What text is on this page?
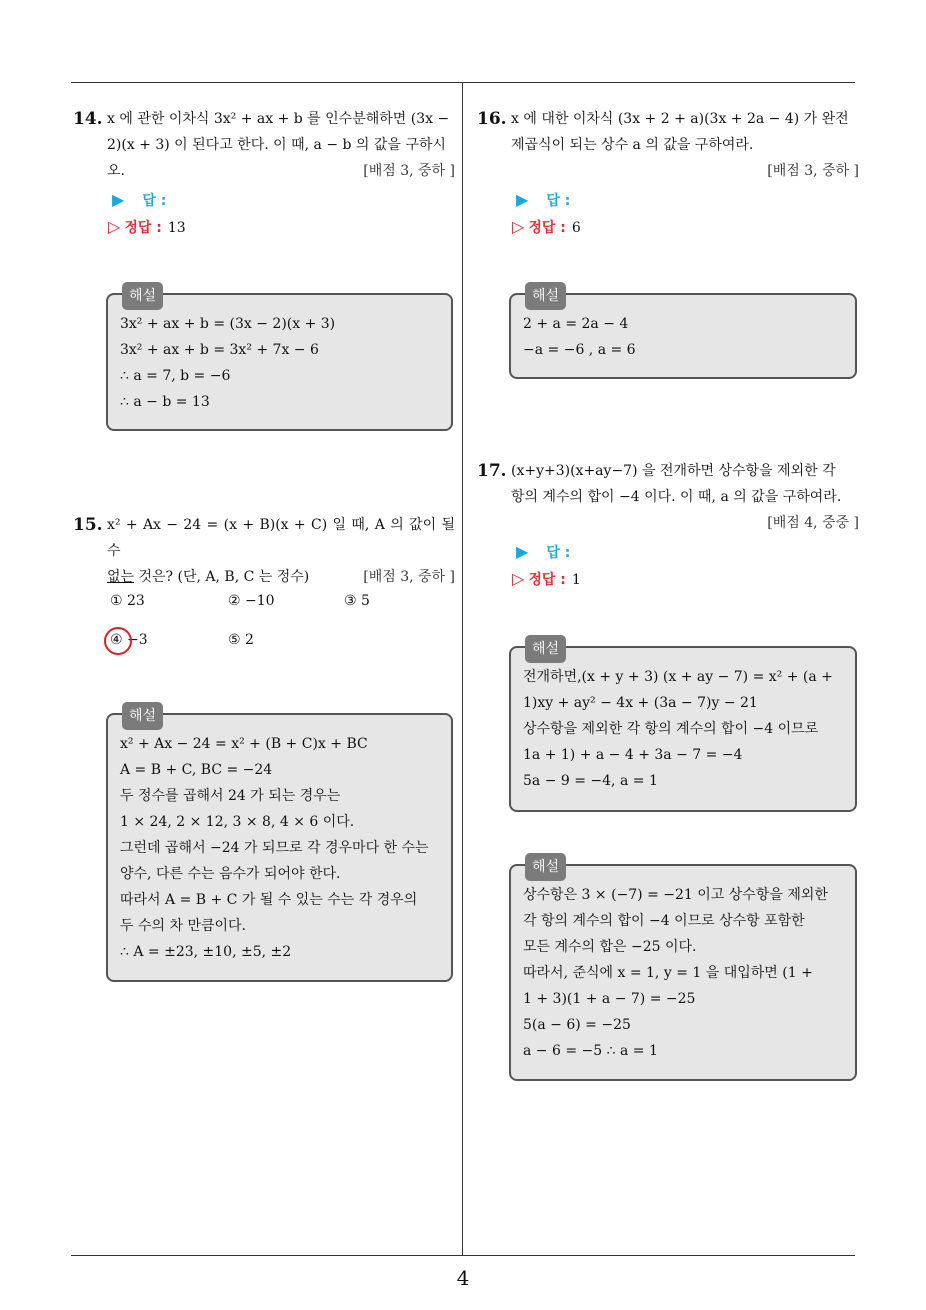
4
14. x 에 관한 이차식 3x² + ax + b 를 인수분해하면 (3x −
2)(x + 3) 이 된다고 한다. 이 때, a − b 의 값을 구하시
오.	[배점 3, 중하 ]
▶ 답 :
▷ 정답 : 13
해설
3x² + ax + b = (3x − 2)(x + 3)
3x² + ax + b = 3x² + 7x − 6
∴ a = 7, b = −6
∴ a − b = 13
15. x² + Ax − 24 = (x + B)(x + C) 일 때, A 의 값이 될 수
없는 것은? (단, A, B, C 는 정수)	[배점 3, 중하 ]
① 23	② −10	③ 5
④ −3	⑤ 2
해설
x² + Ax − 24 = x² + (B + C)x + BC
A = B + C, BC = −24
두 정수를 곱해서 24 가 되는 경우는
1 × 24, 2 × 12, 3 × 8, 4 × 6 이다.
그런데 곱해서 −24 가 되므로 각 경우마다 한 수는
양수, 다른 수는 음수가 되어야 한다.
따라서 A = B + C 가 될 수 있는 수는 각 경우의
두 수의 차 만큼이다.
∴ A = ±23, ±10, ±5, ±2
16. x 에 대한 이차식 (3x + 2 + a)(3x + 2a − 4) 가 완전
제곱식이 되는 상수 a 의 값을 구하여라.
[배점 3, 중하 ]
▶ 답 :
▷ 정답 : 6
해설
2 + a = 2a − 4
−a = −6 , a = 6
17. (x+y+3)(x+ay−7) 을 전개하면 상수항을 제외한 각
항의 계수의 합이 −4 이다. 이 때, a 의 값을 구하여라.
[배점 4, 중중 ]
▶ 답 :
▷ 정답 : 1
해설
전개하면,(x + y + 3) (x + ay − 7) = x² + (a +
1)xy + ay² − 4x + (3a − 7)y − 21
상수항을 제외한 각 항의 계수의 합이 −4 이므로
1a + 1) + a − 4 + 3a − 7 = −4
5a − 9 = −4, a = 1
해설
상수항은 3 × (−7) = −21 이고 상수항을 제외한
각 항의 계수의 합이 −4 이므로 상수항 포함한
모든 계수의 합은 −25 이다.
따라서, 준식에 x = 1, y = 1 을 대입하면 (1 +
1 + 3)(1 + a − 7) = −25
5(a − 6) = −25
a − 6 = −5 ∴ a = 1
